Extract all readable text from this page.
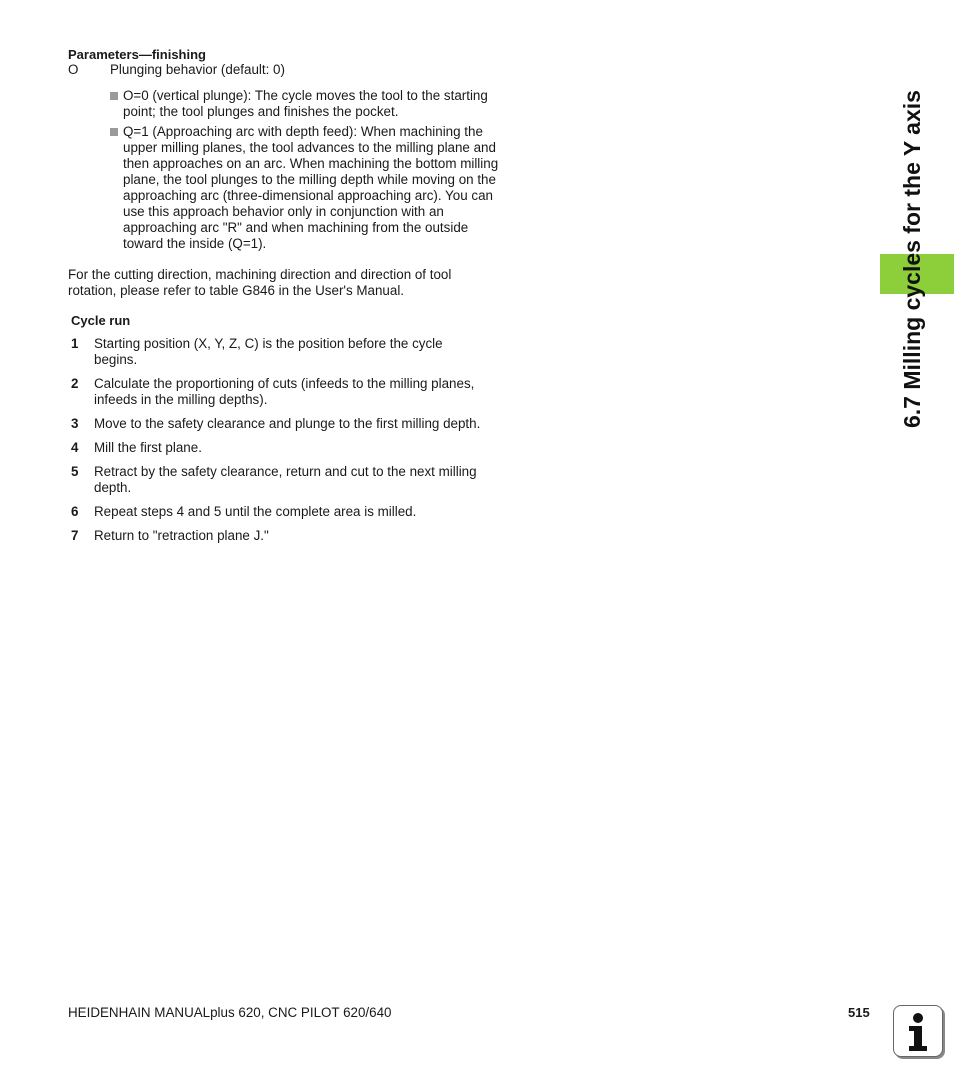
6.7 Milling cycles for the Y axis
Parameters—finishing
O Plunging behavior (default: 0)
O=0 (vertical plunge): The cycle moves the tool to the starting point; the tool plunges and finishes the pocket.
Q=1 (Approaching arc with depth feed): When machining the upper milling planes, the tool advances to the milling plane and then approaches on an arc. When machining the bottom milling plane, the tool plunges to the milling depth while moving on the approaching arc (three-dimensional approaching arc). You can use this approach behavior only in conjunction with an approaching arc "R" and when machining from the outside toward the inside (Q=1).
For the cutting direction, machining direction and direction of tool rotation, please refer to table G846 in the User's Manual.
Cycle run
1 Starting position (X, Y, Z, C) is the position before the cycle begins.
2 Calculate the proportioning of cuts (infeeds to the milling planes, infeeds in the milling depths).
3 Move to the safety clearance and plunge to the first milling depth.
4 Mill the first plane.
5 Retract by the safety clearance, return and cut to the next milling depth.
6 Repeat steps 4 and 5 until the complete area is milled.
7 Return to "retraction plane J."
HEIDENHAIN MANUALplus 620, CNC PILOT 620/640	515
